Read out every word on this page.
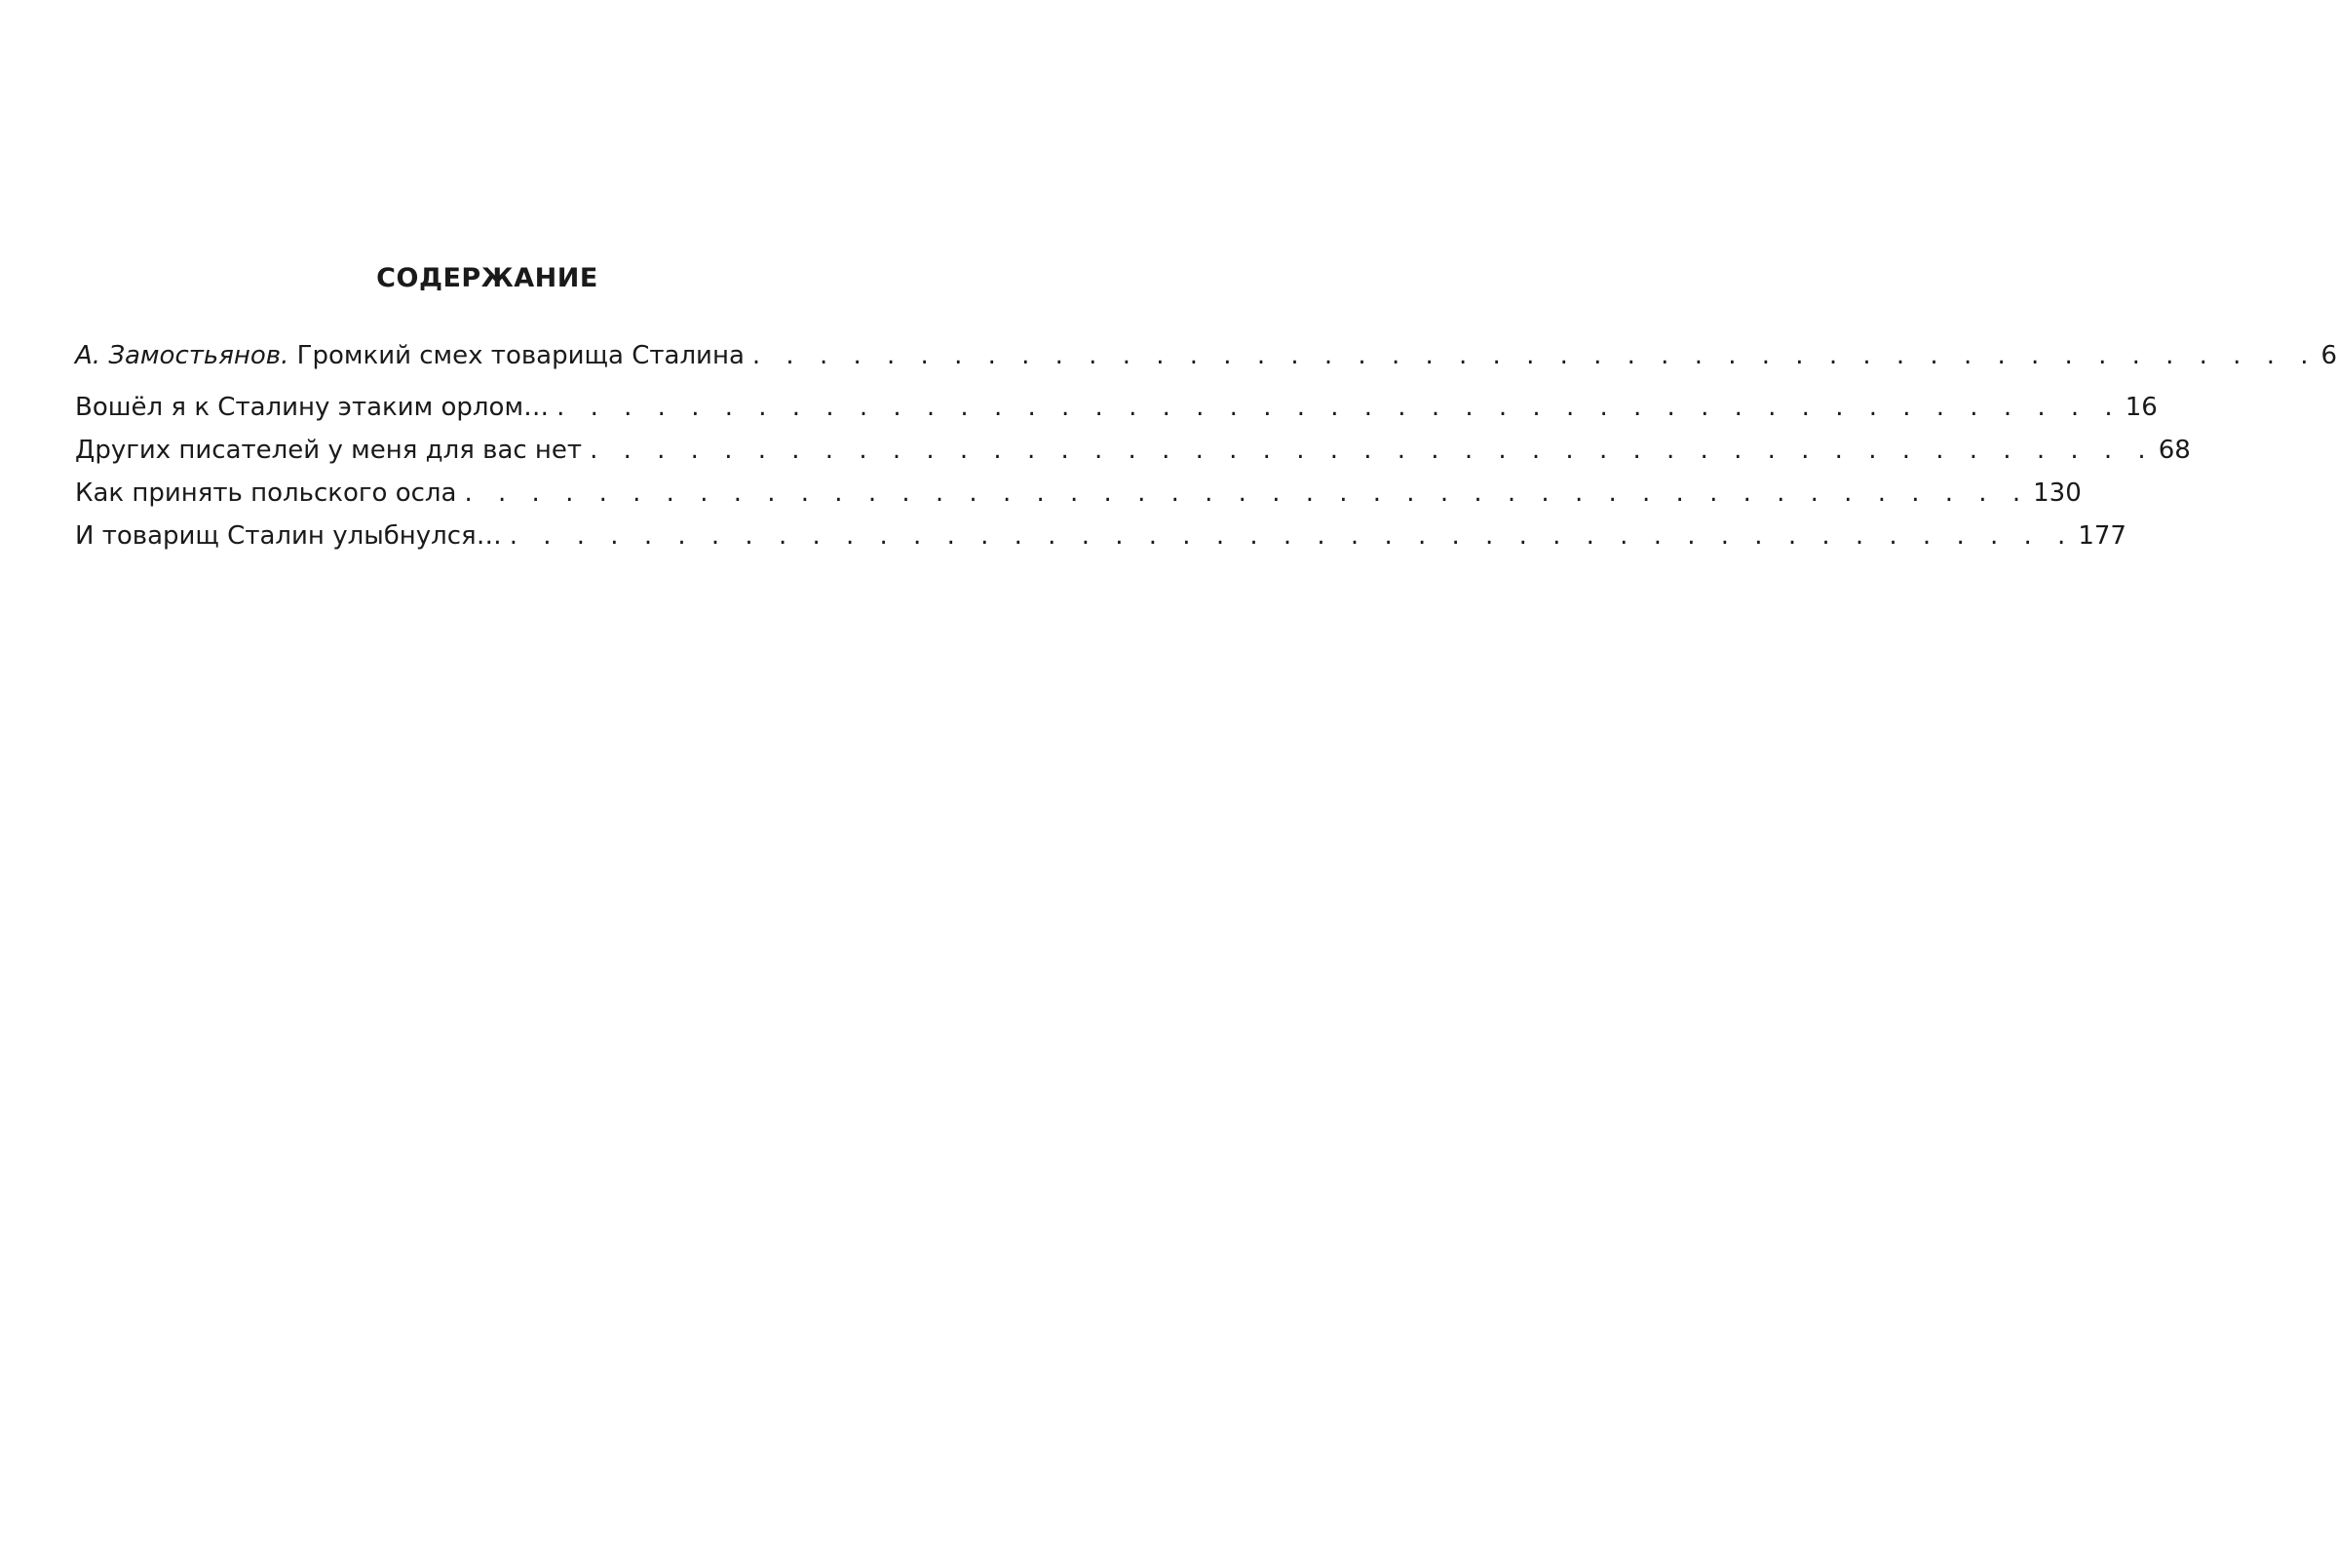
СОДЕРЖАНИЕ
А. Замостьянов. Громкий смех товарища Сталина . . . . . . . . . . . . . . . . . . . . . . . . . . . . . . . . . . . . . . . . . . . . . . . 6
Вошёл я к Сталину этаким орлом… . . . . . . . . . . . . . . . . . . . . . . . . . . . . . . . . . . . . . . . . . . . . . . . 16
Других писателей у меня для вас нет . . . . . . . . . . . . . . . . . . . . . . . . . . . . . . . . . . . . . . . . . . . . . . . 68
Как принять польского осла . . . . . . . . . . . . . . . . . . . . . . . . . . . . . . . . . . . . . . . . . . . . . . . 130
И товарищ Сталин улыбнулся… . . . . . . . . . . . . . . . . . . . . . . . . . . . . . . . . . . . . . . . . . . . . . . . 177
